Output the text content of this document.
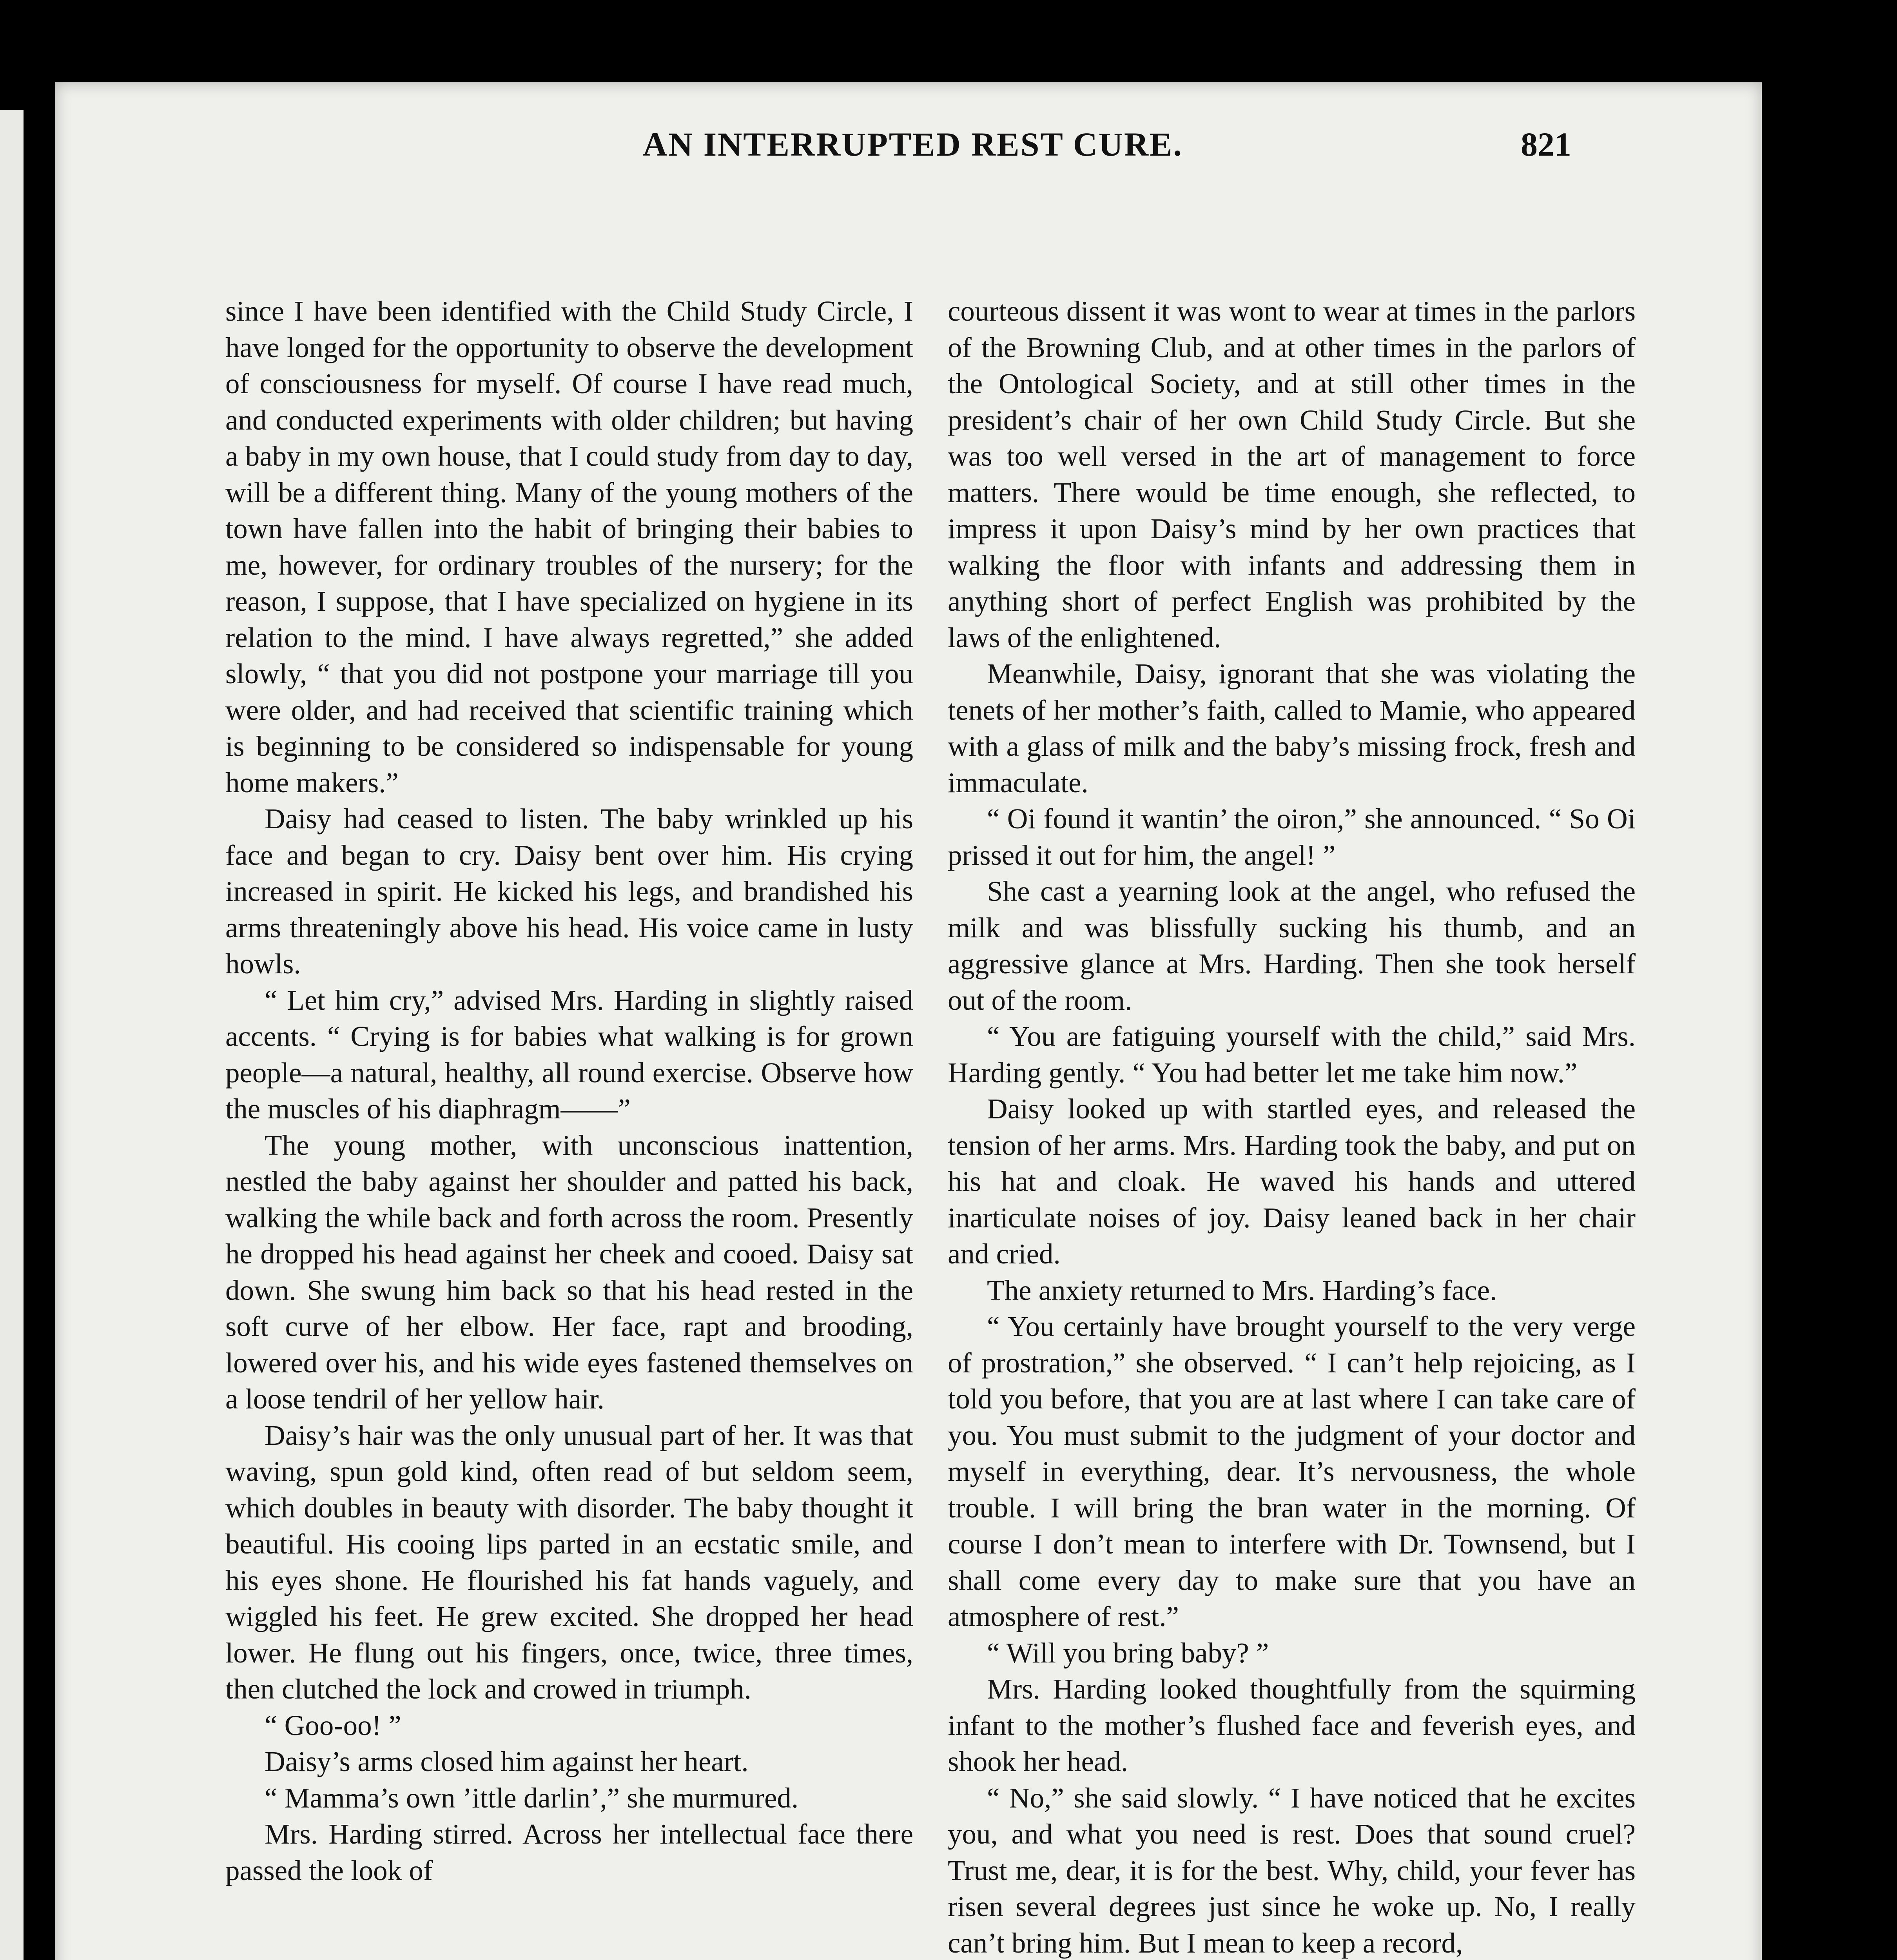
AN INTERRUPTED REST CURE.	821

since I have been identified with the Child Study Circle, I have longed for the opportunity to observe the development of consciousness for myself. Of course I have read much, and conducted experiments with older children; but having a baby in my own house, that I could study from day to day, will be a different thing. Many of the young mothers of the town have fallen into the habit of bringing their babies to me, however, for ordinary troubles of the nursery; for the reason, I suppose, that I have specialized on hygiene in its relation to the mind. I have always regretted,” she added slowly, “ that you did not postpone your marriage till you were older, and had received that scientific training which is beginning to be considered so indispensable for young home makers.”

Daisy had ceased to listen. The baby wrinkled up his face and began to cry. Daisy bent over him. His crying increased in spirit. He kicked his legs, and brandished his arms threateningly above his head. His voice came in lusty howls.

“ Let him cry,” advised Mrs. Harding in slightly raised accents. “ Crying is for babies what walking is for grown people—a natural, healthy, all round exercise. Observe how the muscles of his diaphragm——”

The young mother, with unconscious inattention, nestled the baby against her shoulder and patted his back, walking the while back and forth across the room. Presently he dropped his head against her cheek and cooed. Daisy sat down. She swung him back so that his head rested in the soft curve of her elbow. Her face, rapt and brooding, lowered over his, and his wide eyes fastened themselves on a loose tendril of her yellow hair.

Daisy’s hair was the only unusual part of her. It was that waving, spun gold kind, often read of but seldom seem, which doubles in beauty with disorder. The baby thought it beautiful. His cooing lips parted in an ecstatic smile, and his eyes shone. He flourished his fat hands vaguely, and wiggled his feet. He grew excited. She dropped her head lower. He flung out his fingers, once, twice, three times, then clutched the lock and crowed in triumph.

“ Goo-oo! ”

Daisy’s arms closed him against her heart.

“ Mamma’s own ’ittle darlin’,” she murmured.

Mrs. Harding stirred. Across her intellectual face there passed the look of

courteous dissent it was wont to wear at times in the parlors of the Browning Club, and at other times in the parlors of the Ontological Society, and at still other times in the president’s chair of her own Child Study Circle. But she was too well versed in the art of management to force matters. There would be time enough, she reflected, to impress it upon Daisy’s mind by her own practices that walking the floor with infants and addressing them in anything short of perfect English was prohibited by the laws of the enlightened.

Meanwhile, Daisy, ignorant that she was violating the tenets of her mother’s faith, called to Mamie, who appeared with a glass of milk and the baby’s missing frock, fresh and immaculate.

“ Oi found it wantin’ the oiron,” she announced. “ So Oi prissed it out for him, the angel! ”

She cast a yearning look at the angel, who refused the milk and was blissfully sucking his thumb, and an aggressive glance at Mrs. Harding. Then she took herself out of the room.

“ You are fatiguing yourself with the child,” said Mrs. Harding gently. “ You had better let me take him now.”

Daisy looked up with startled eyes, and released the tension of her arms. Mrs. Harding took the baby, and put on his hat and cloak. He waved his hands and uttered inarticulate noises of joy. Daisy leaned back in her chair and cried.

The anxiety returned to Mrs. Harding’s face.

“ You certainly have brought yourself to the very verge of prostration,” she observed. “ I can’t help rejoicing, as I told you before, that you are at last where I can take care of you. You must submit to the judgment of your doctor and myself in everything, dear. It’s nervousness, the whole trouble. I will bring the bran water in the morning. Of course I don’t mean to interfere with Dr. Townsend, but I shall come every day to make sure that you have an atmosphere of rest.”

“ Will you bring baby? ”

Mrs. Harding looked thoughtfully from the squirming infant to the mother’s flushed face and feverish eyes, and shook her head.

“ No,” she said slowly. “ I have noticed that he excites you, and what you need is rest. Does that sound cruel? Trust me, dear, it is for the best. Why, child, your fever has risen several degrees just since he woke up. No, I really can’t bring him. But I mean to keep a record,
